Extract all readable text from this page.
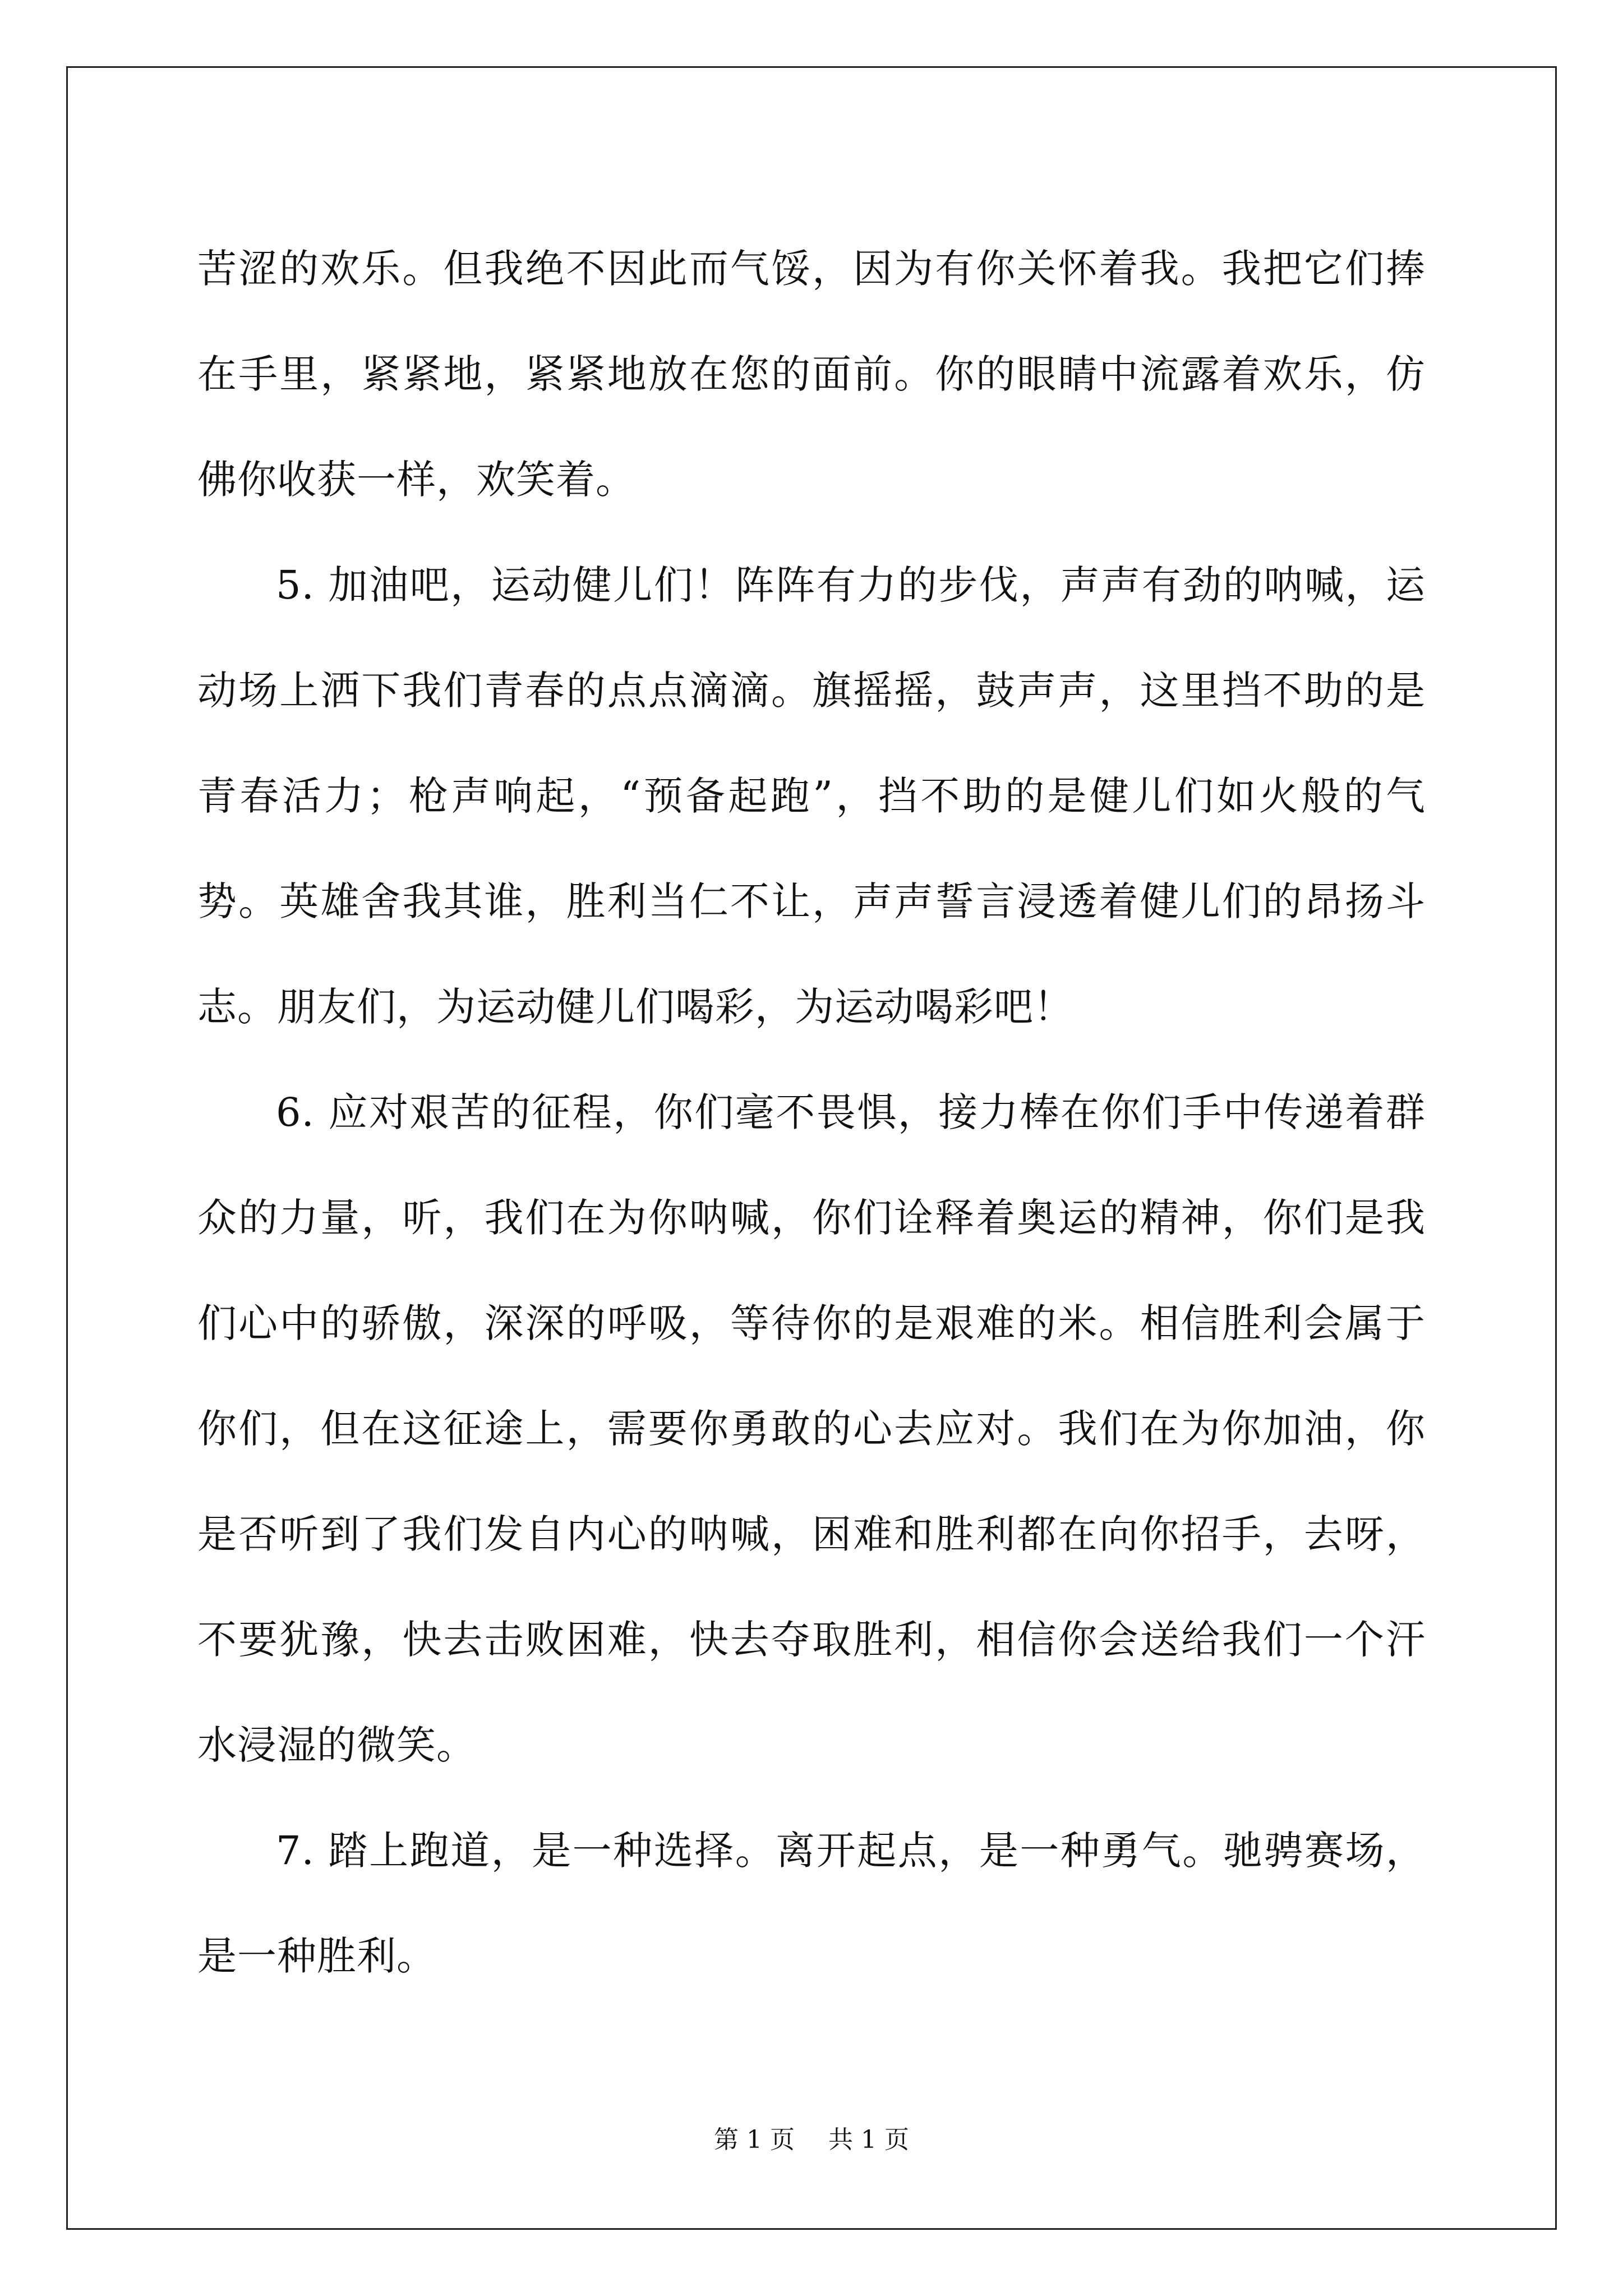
苦涩的欢乐。但我绝不因此而气馁，因为有你关怀着我。我把它们捧在手里，紧紧地，紧紧地放在您的面前。你的眼睛中流露着欢乐，仿佛你收获一样，欢笑着。

5. 加油吧，运动健儿们！阵阵有力的步伐，声声有劲的呐喊，运动场上洒下我们青春的点点滴滴。旗摇摇，鼓声声，这里挡不助的是青春活力；枪声响起，“预备起跑”，挡不助的是健儿们如火般的气势。英雄舍我其谁，胜利当仁不让，声声誓言浸透着健儿们的昂扬斗志。朋友们，为运动健儿们喝彩，为运动喝彩吧！

6. 应对艰苦的征程，你们毫不畏惧，接力棒在你们手中传递着群众的力量，听，我们在为你呐喊，你们诠释着奥运的精神，你们是我们心中的骄傲，深深的呼吸，等待你的是艰难的米。相信胜利会属于你们，但在这征途上，需要你勇敢的心去应对。我们在为你加油，你是否听到了我们发自内心的呐喊，困难和胜利都在向你招手，去呀，不要犹豫，快去击败困难，快去夺取胜利，相信你会送给我们一个汗水浸湿的微笑。

7. 踏上跑道，是一种选择。离开起点，是一种勇气。驰骋赛场，是一种胜利。

第 1 页 共 1 页
